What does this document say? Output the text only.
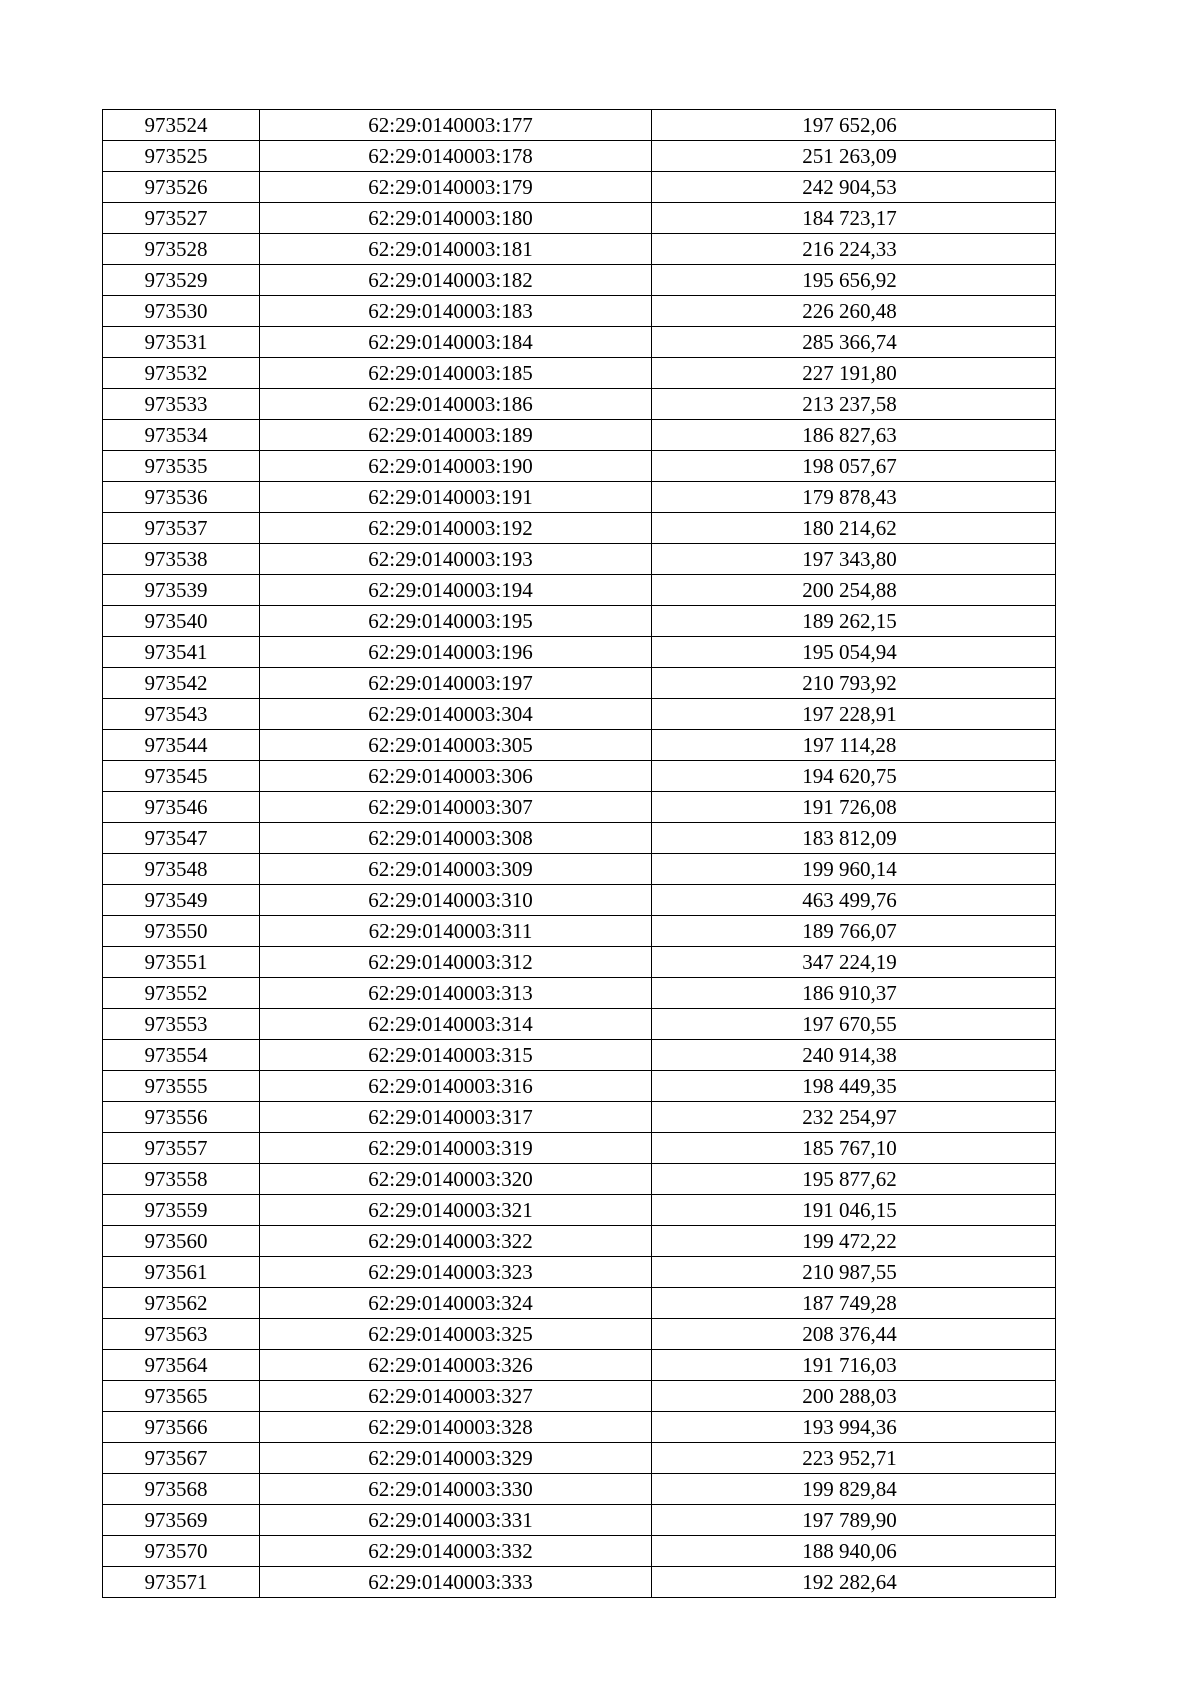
973524	62:29:0140003:177	197 652,06
973525	62:29:0140003:178	251 263,09
973526	62:29:0140003:179	242 904,53
973527	62:29:0140003:180	184 723,17
973528	62:29:0140003:181	216 224,33
973529	62:29:0140003:182	195 656,92
973530	62:29:0140003:183	226 260,48
973531	62:29:0140003:184	285 366,74
973532	62:29:0140003:185	227 191,80
973533	62:29:0140003:186	213 237,58
973534	62:29:0140003:189	186 827,63
973535	62:29:0140003:190	198 057,67
973536	62:29:0140003:191	179 878,43
973537	62:29:0140003:192	180 214,62
973538	62:29:0140003:193	197 343,80
973539	62:29:0140003:194	200 254,88
973540	62:29:0140003:195	189 262,15
973541	62:29:0140003:196	195 054,94
973542	62:29:0140003:197	210 793,92
973543	62:29:0140003:304	197 228,91
973544	62:29:0140003:305	197 114,28
973545	62:29:0140003:306	194 620,75
973546	62:29:0140003:307	191 726,08
973547	62:29:0140003:308	183 812,09
973548	62:29:0140003:309	199 960,14
973549	62:29:0140003:310	463 499,76
973550	62:29:0140003:311	189 766,07
973551	62:29:0140003:312	347 224,19
973552	62:29:0140003:313	186 910,37
973553	62:29:0140003:314	197 670,55
973554	62:29:0140003:315	240 914,38
973555	62:29:0140003:316	198 449,35
973556	62:29:0140003:317	232 254,97
973557	62:29:0140003:319	185 767,10
973558	62:29:0140003:320	195 877,62
973559	62:29:0140003:321	191 046,15
973560	62:29:0140003:322	199 472,22
973561	62:29:0140003:323	210 987,55
973562	62:29:0140003:324	187 749,28
973563	62:29:0140003:325	208 376,44
973564	62:29:0140003:326	191 716,03
973565	62:29:0140003:327	200 288,03
973566	62:29:0140003:328	193 994,36
973567	62:29:0140003:329	223 952,71
973568	62:29:0140003:330	199 829,84
973569	62:29:0140003:331	197 789,90
973570	62:29:0140003:332	188 940,06
973571	62:29:0140003:333	192 282,64
